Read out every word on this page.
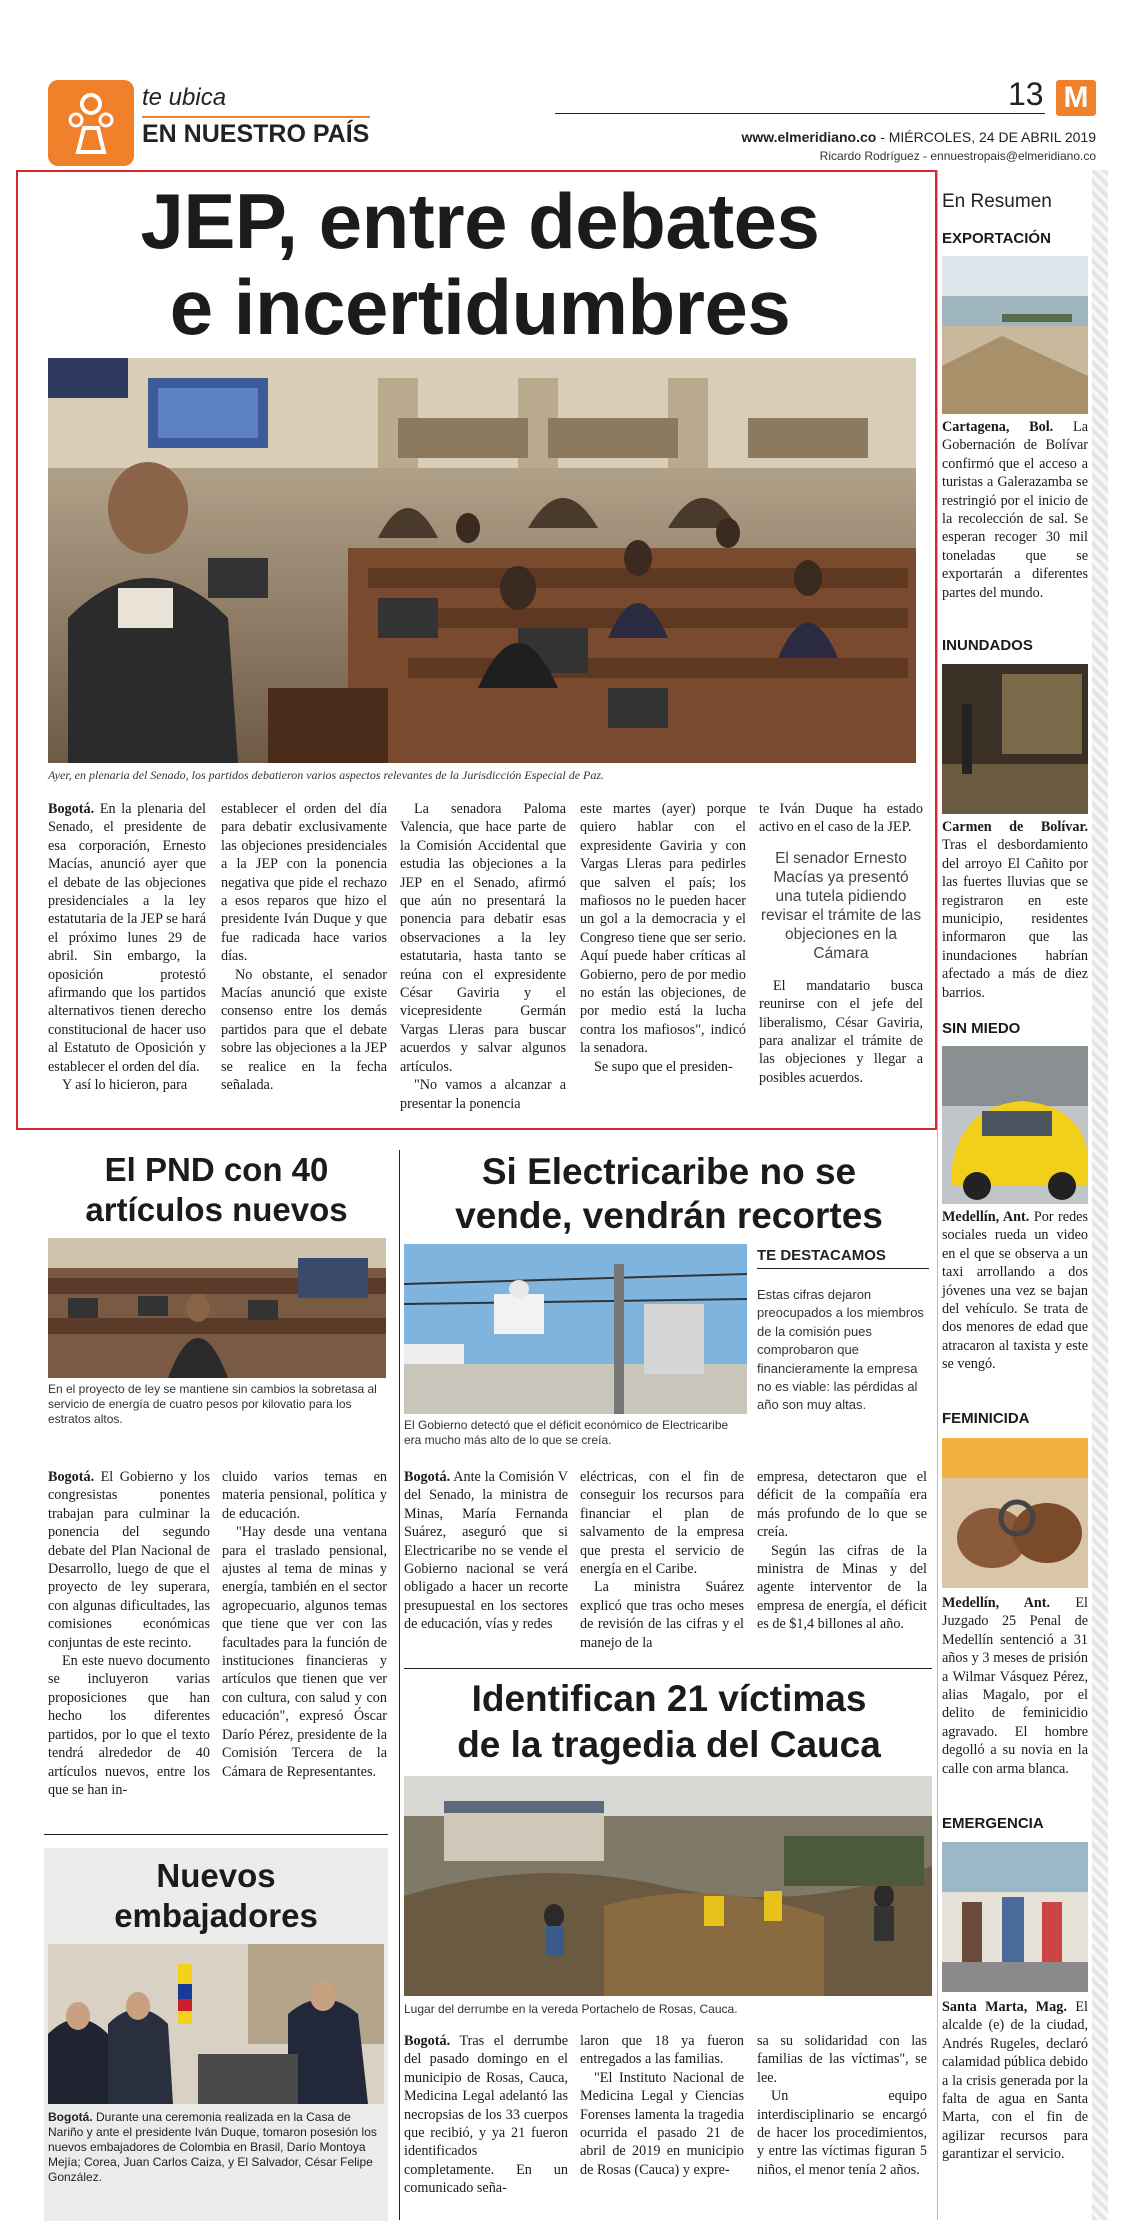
te ubica
EN NUESTRO PAÍS
13 M
www.elmeridiano.co - MIÉRCOLES, 24 DE ABRIL 2019
Ricardo Rodríguez - ennuestropais@elmeridiano.co
JEP, entre debates
e incertidumbres
Ayer, en plenaria del Senado, los partidos debatieron varios aspectos relevantes de la Jurisdicción Especial de Paz.

Bogotá. En la plenaria del Senado, el presidente de esa corporación, Ernesto Macías, anunció ayer que el debate de las objeciones presidenciales a la ley estatutaria de la JEP se hará el próximo lunes 29 de abril. Sin embargo, la oposición protestó afirmando que los partidos alternativos tienen derecho constitucional de hacer uso al Estatuto de Oposición y establecer el orden del día.

Y así lo hicieron, para

establecer el orden del día para debatir exclusivamente las objeciones presidenciales a la JEP con la ponencia negativa que pide el rechazo a esos reparos que hizo el presidente Iván Duque y que fue radicada hace varios días.

No obstante, el senador Macías anunció que existe consenso entre los demás partidos para que el debate sobre las objeciones a la JEP se realice en la fecha señalada.

La senadora Paloma Valencia, que hace parte de la Comisión Accidental que estudia las objeciones a la JEP en el Senado, afirmó que aún no presentará la ponencia para debatir esas observaciones a la ley estatutaria, hasta tanto se reúna con el expresidente César Gaviria y el vicepresidente Germán Vargas Lleras para buscar acuerdos y salvar algunos artículos.

"No vamos a alcanzar a presentar la ponencia

este martes (ayer) porque quiero hablar con el expresidente Gaviria y con Vargas Lleras para pedirles que salven el país; los mafiosos no le pueden hacer un gol a la democracia y el Congreso tiene que ser serio. Aquí puede haber críticas al Gobierno, pero de por medio no están las objeciones, de por medio está la lucha contra los mafiosos", indicó la senadora.

Se supo que el presiden-

te Iván Duque ha estado activo en el caso de la JEP.

El senador Ernesto Macías ya presentó una tutela pidiendo revisar el trámite de las objeciones en la Cámara

El mandatario busca reunirse con el jefe del liberalismo, César Gaviria, para analizar el trámite de las objeciones y llegar a posibles acuerdos.

En Resumen
EXPORTACIÓN
Cartagena, Bol. La Gobernación de Bolívar confirmó que el acceso a turistas a Galerazamba se restringió por el inicio de la recolección de sal. Se esperan recoger 30 mil toneladas que se exportarán a diferentes partes del mundo.
INUNDADOS
Carmen de Bolívar. Tras el desbordamiento del arroyo El Cañito por las fuertes lluvias que se registraron en este municipio, residentes informaron que las inundaciones habrían afectado a más de diez barrios.
SIN MIEDO
Medellín, Ant. Por redes sociales rueda un video en el que se observa a un taxi arrollando a dos jóvenes una vez se bajan del vehículo. Se trata de dos menores de edad que atracaron al taxista y este se vengó.
FEMINICIDA
Medellín, Ant. El Juzgado 25 Penal de Medellín sentenció a 31 años y 3 meses de prisión a Wilmar Vásquez Pérez, alias Magalo, por el delito de feminicidio agravado. El hombre degolló a su novia en la calle con arma blanca.
EMERGENCIA
Santa Marta, Mag. El alcalde (e) de la ciudad, Andrés Rugeles, declaró calamidad pública debido a la crisis generada por la falta de agua en Santa Marta, con el fin de agilizar recursos para garantizar el servicio.
El PND con 40
artículos nuevos
En el proyecto de ley se mantiene sin cambios la sobretasa al servicio de energía de cuatro pesos por kilovatio para los estratos altos.

Bogotá. El Gobierno y los congresistas ponentes trabajan para culminar la ponencia del segundo debate del Plan Nacional de Desarrollo, luego de que el proyecto de ley superara, con algunas dificultades, las comisiones económicas conjuntas de este recinto.

En este nuevo documento se incluyeron varias proposiciones que han hecho los diferentes partidos, por lo que el texto tendrá alrededor de 40 artículos nuevos, entre los que se han in-

cluido varios temas en materia pensional, política y de educación.

"Hay desde una ventana para el traslado pensional, ajustes al tema de minas y energía, también en el sector agropecuario, algunos temas que tiene que ver con las facultades para la función de instituciones financieras y artículos que tienen que ver con cultura, con salud y con educación", expresó Óscar Darío Pérez, presidente de la Comisión Tercera de la Cámara de Representantes.

Nuevos
embajadores
Bogotá. Durante una ceremonia realizada en la Casa de Nariño y ante el presidente Iván Duque, tomaron posesión los nuevos embajadores de Colombia en Brasil, Darío Montoya Mejía; Corea, Juan Carlos Caiza, y El Salvador, César Felipe González.
Si Electricaribe no se
vende, vendrán recortes
El Gobierno detectó que el déficit económico de Electricaribe era mucho más alto de lo que se creía.
TE DESTACAMOS
Estas cifras dejaron preocupados a los miembros de la comisión pues comprobaron que financieramente la empresa no es viable: las pérdidas al año son muy altas.

Bogotá. Ante la Comisión V del Senado, la ministra de Minas, María Fernanda Suárez, aseguró que si Electricaribe no se vende el Gobierno nacional se verá obligado a hacer un recorte presupuestal en los sectores de educación, vías y redes

eléctricas, con el fin de conseguir los recursos para financiar el plan de salvamento de la empresa que presta el servicio de energía en el Caribe.

La ministra Suárez explicó que tras ocho meses de revisión de las cifras y el manejo de la

empresa, detectaron que el déficit de la compañía era más profundo de lo que se creía.

Según las cifras de la ministra de Minas y del agente interventor de la empresa de energía, el déficit es de $1,4 billones al año.

Identifican 21 víctimas
de la tragedia del Cauca
Lugar del derrumbe en la vereda Portachelo de Rosas, Cauca.

Bogotá. Tras el derrumbe del pasado domingo en el municipio de Rosas, Cauca, Medicina Legal adelantó las necropsias de los 33 cuerpos que recibió, y ya 21 fueron identificados completamente. En un comunicado seña-

laron que 18 ya fueron entregados a las familias.

"El Instituto Nacional de Medicina Legal y Ciencias Forenses lamenta la tragedia ocurrida el pasado 21 de abril de 2019 en municipio de Rosas (Cauca) y expre-

sa su solidaridad con las familias de las víctimas", se lee.

Un equipo interdisciplinario se encargó de hacer los procedimientos, y entre las víctimas figuran 5 niños, el menor tenía 2 años.
